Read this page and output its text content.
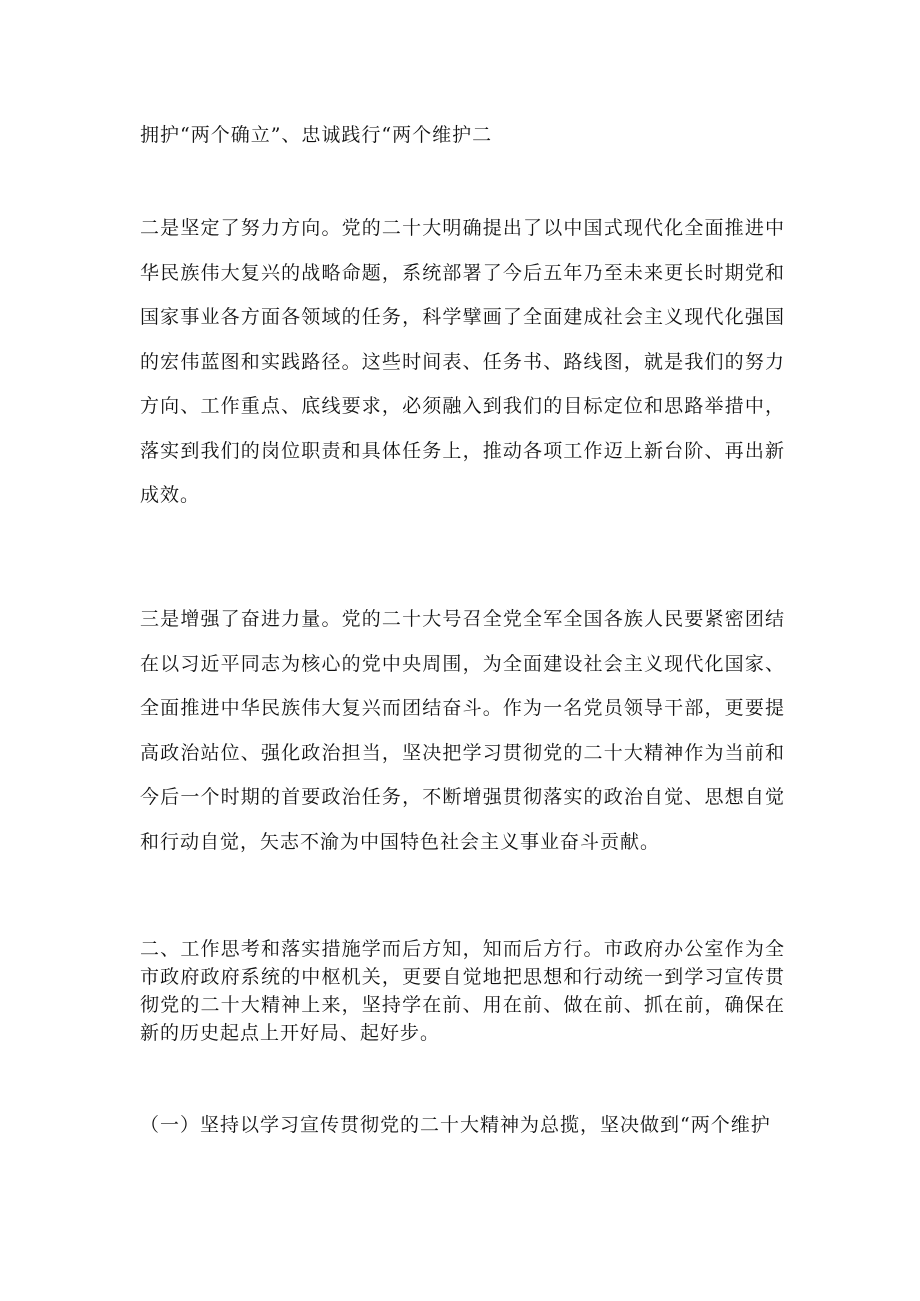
拥护“两个确立”、忠诚践行“两个维护二

二是坚定了努力方向。党的二十大明确提出了以中国式现代化全面推进中华民族伟大复兴的战略命题，系统部署了今后五年乃至未来更长时期党和国家事业各方面各领域的任务，科学擘画了全面建成社会主义现代化强国的宏伟蓝图和实践路径。这些时间表、任务书、路线图，就是我们的努力方向、工作重点、底线要求，必须融入到我们的目标定位和思路举措中，落实到我们的岗位职责和具体任务上，推动各项工作迈上新台阶、再出新成效。

三是增强了奋进力量。党的二十大号召全党全军全国各族人民要紧密团结在以习近平同志为核心的党中央周围，为全面建设社会主义现代化国家、全面推进中华民族伟大复兴而团结奋斗。作为一名党员领导干部，更要提高政治站位、强化政治担当，坚决把学习贯彻党的二十大精神作为当前和今后一个时期的首要政治任务，不断增强贯彻落实的政治自觉、思想自觉和行动自觉，矢志不渝为中国特色社会主义事业奋斗贡献。

二、工作思考和落实措施学而后方知，知而后方行。市政府办公室作为全市政府政府系统的中枢机关，更要自觉地把思想和行动统一到学习宣传贯彻党的二十大精神上来，坚持学在前、用在前、做在前、抓在前，确保在新的历史起点上开好局、起好步。

（一）坚持以学习宣传贯彻党的二十大精神为总揽，坚决做到“两个维护
